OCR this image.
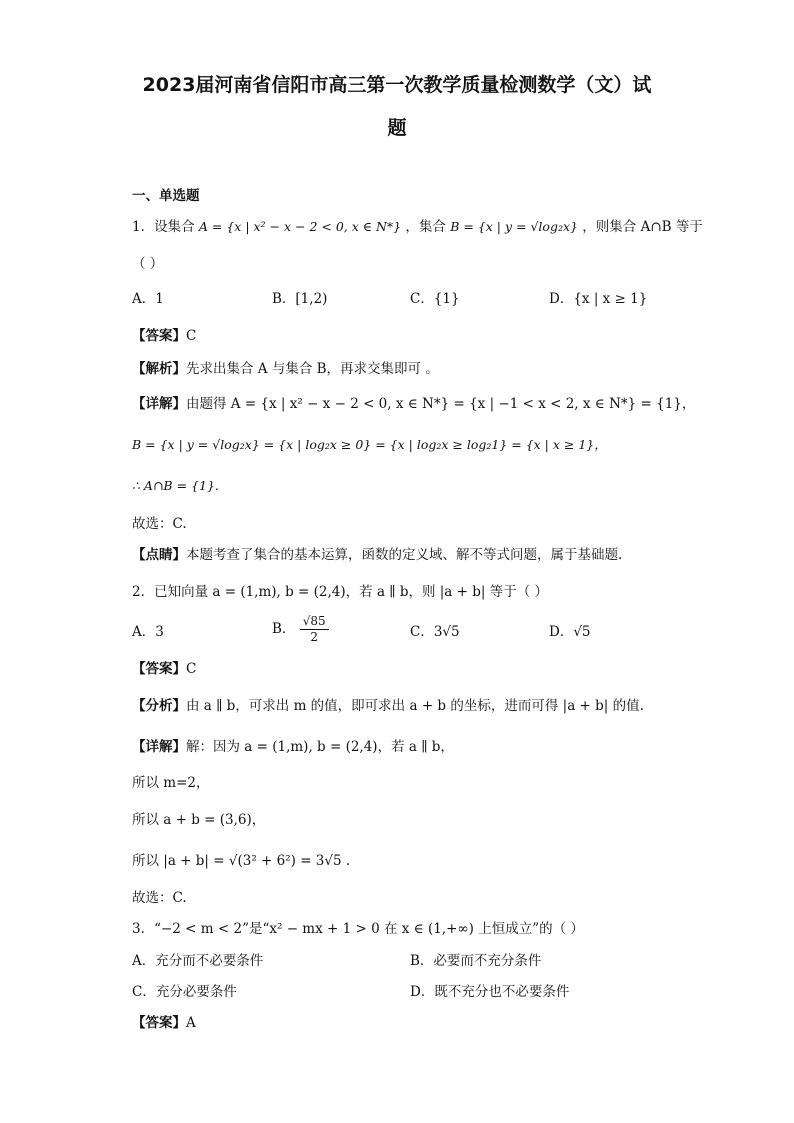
2023届河南省信阳市高三第一次教学质量检测数学（文）试
题
一、单选题
1．设集合 A = {x | x² − x − 2 < 0, x ∈ N*} ，集合 B = {x | y = √log₂x} ，则集合 A∩B 等于
（ ）
A．1	B．[1,2)	C．{1}	D．{x | x ≥ 1}
【答案】C
【解析】先求出集合 A 与集合 B，再求交集即可 。
【详解】由题得 A = {x | x² − x − 2 < 0, x ∈ N*} = {x | −1 < x < 2, x ∈ N*} = {1}，
B = {x | y = √log₂x} = {x | log₂x ≥ 0} = {x | log₂x ≥ log₂1} = {x | x ≥ 1}，
∴ A∩B = {1}.
故选：C.
【点睛】本题考查了集合的基本运算，函数的定义域、解不等式问题，属于基础题.
2．已知向量 a = (1,m), b = (2,4)，若 a ∥ b，则 |a + b| 等于（ ）
A．3	B． $\frac{√85}{2}$	C．3√5	D．√5
【答案】C
【分析】由 a ∥ b，可求出 m 的值，即可求出 a + b 的坐标，进而可得 |a + b| 的值.
【详解】解：因为 a = (1,m), b = (2,4)，若 a ∥ b，
所以 m=2，
所以 a + b = (3,6)，
所以 |a + b| = √(3² + 6²) = 3√5 .
故选：C.
3．“−2 < m < 2”是“x² − mx + 1 > 0 在 x ∈ (1,+∞) 上恒成立”的（ ）
A．充分而不必要条件	B．必要而不充分条件
C．充分必要条件	D．既不充分也不必要条件
【答案】A
